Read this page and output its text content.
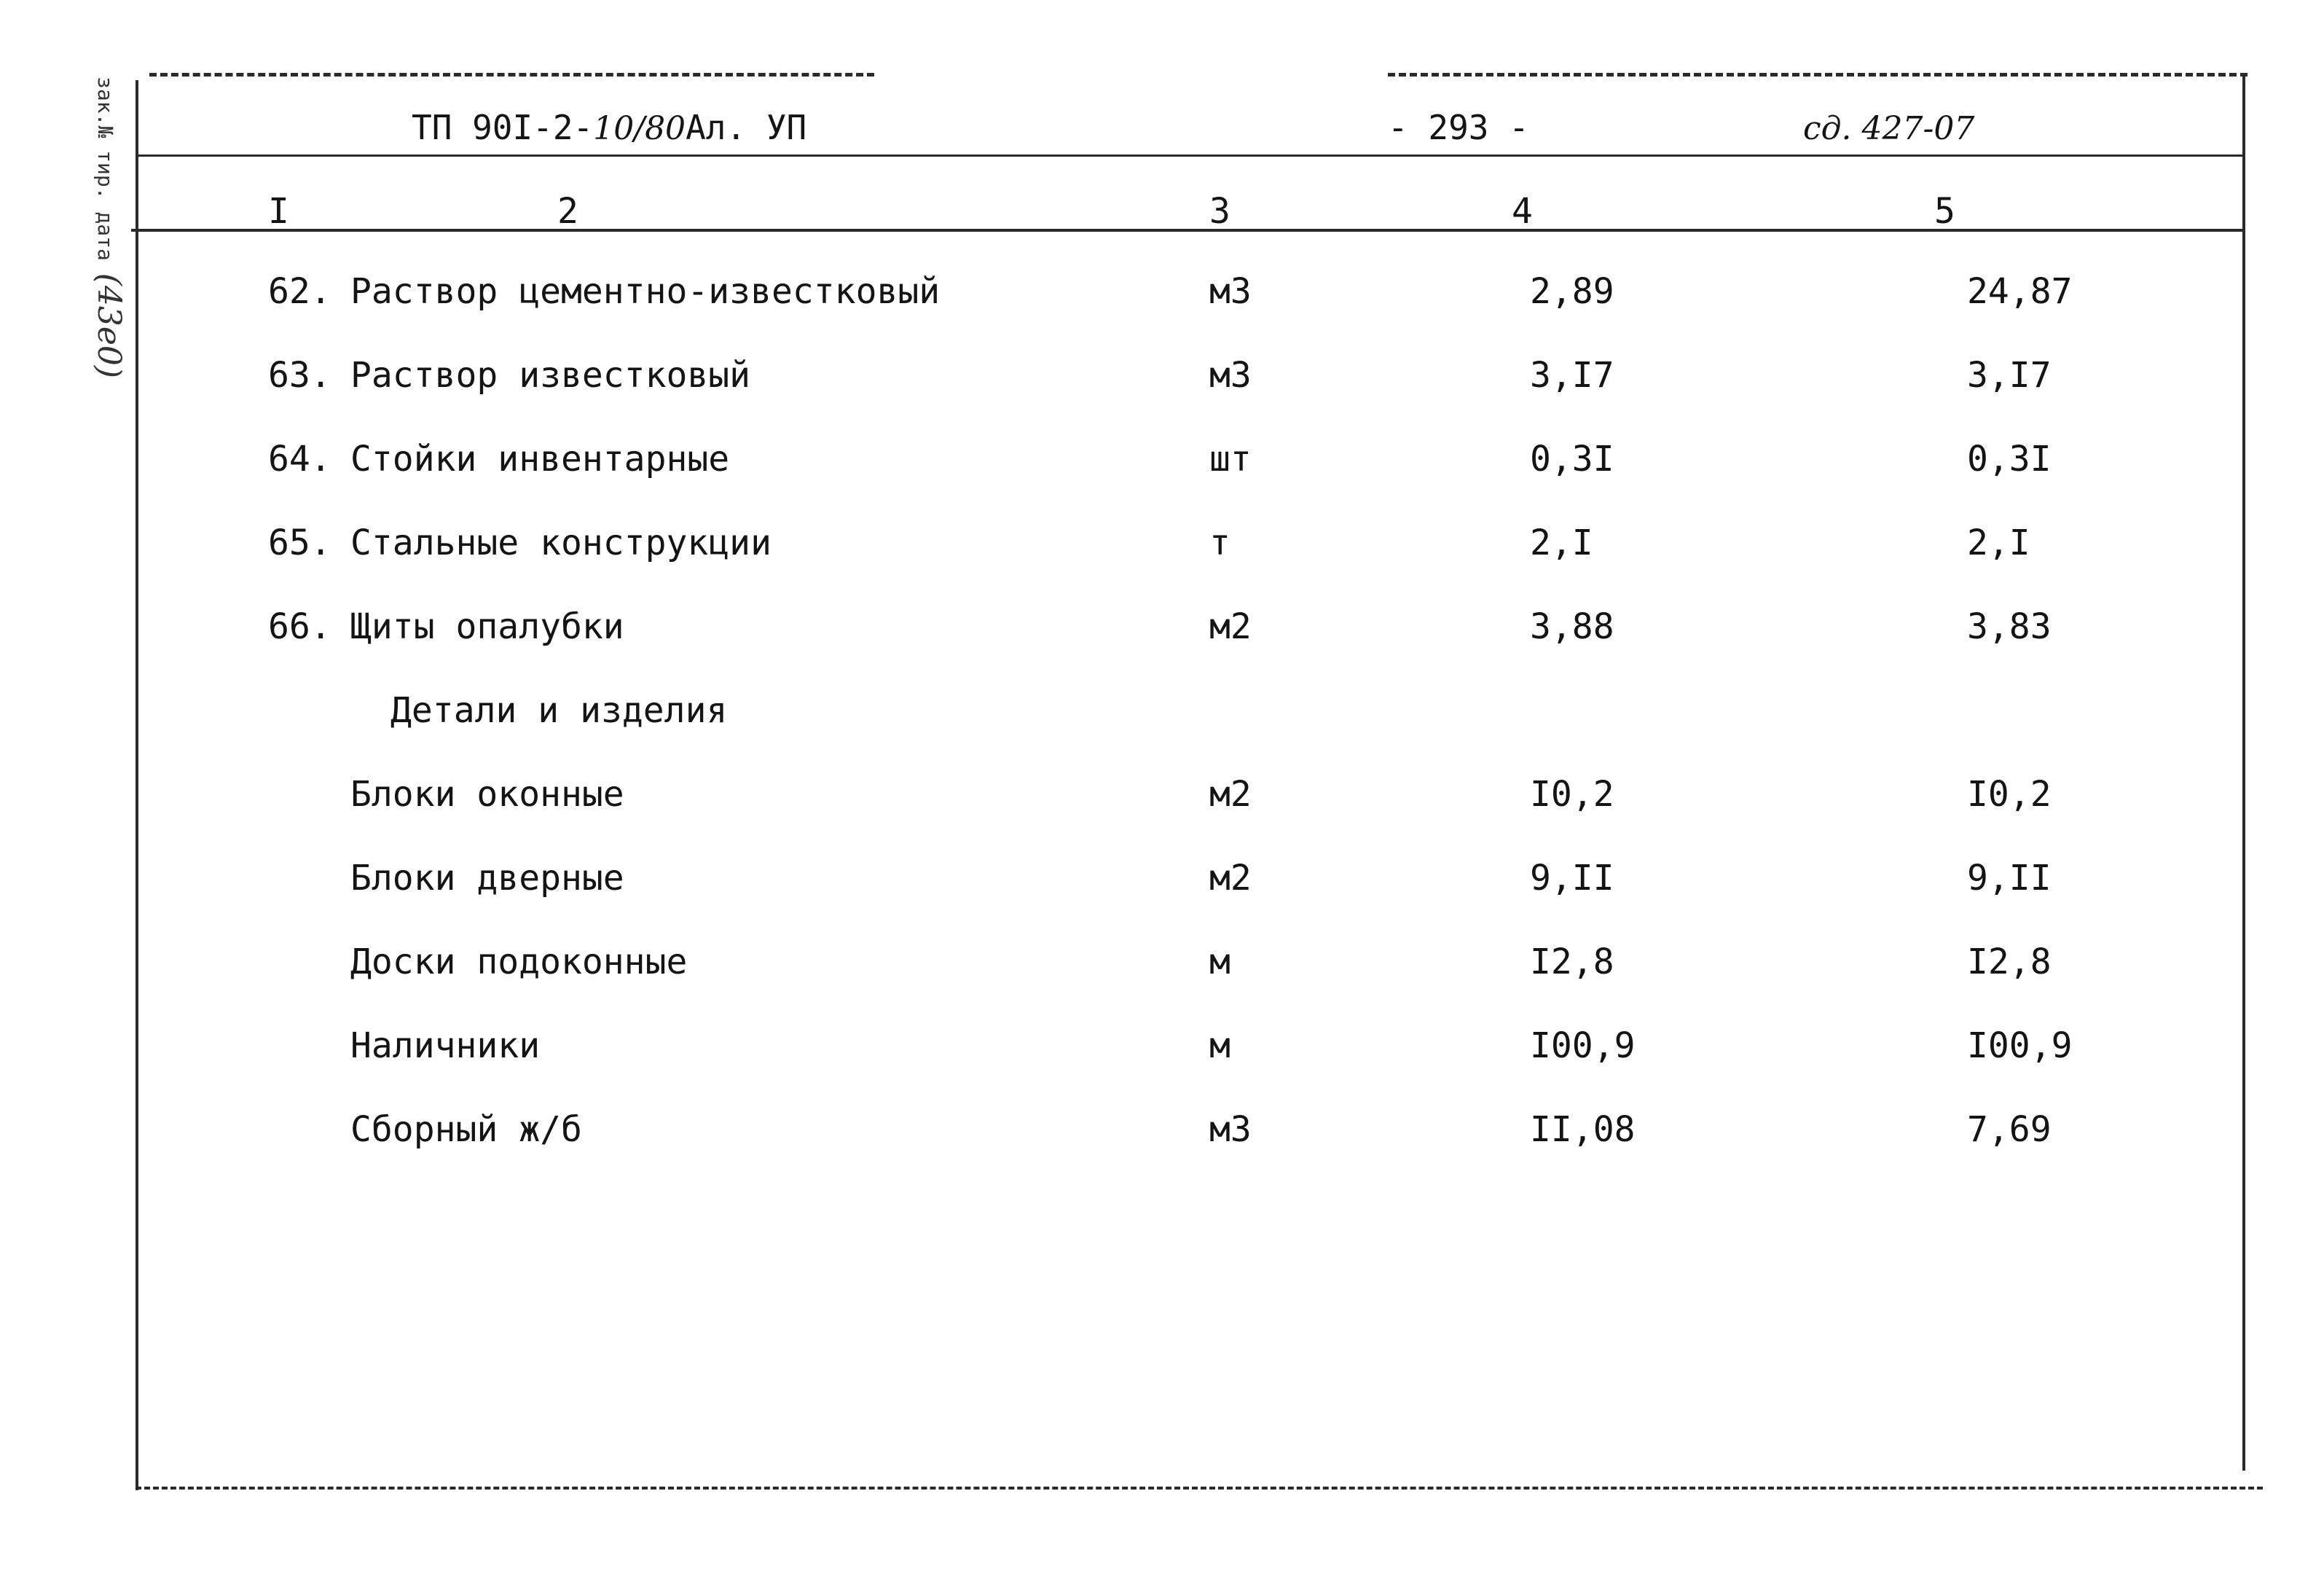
зак.№ тир. дата (43е0)
ТП 90I-2-10/80Ал. УП	- 293 -	сд. 427-07
I	2	3	4	5
62. Раствор цементно-известковый	м3	2,89	24,87
63. Раствор известковый	м3	3,I7	3,I7
64. Стойки инвентарные	шт	0,3I	0,3I
65. Стальные конструкции	т	2,I	2,I
66. Щиты опалубки	м2	3,88	3,83
Детали и изделия
Блоки оконные	м2	I0,2	I0,2
Блоки дверные	м2	9,II	9,II
Доски подоконные	м	I2,8	I2,8
Наличники	м	I00,9	I00,9
Сборный ж/б	м3	II,08	7,69
